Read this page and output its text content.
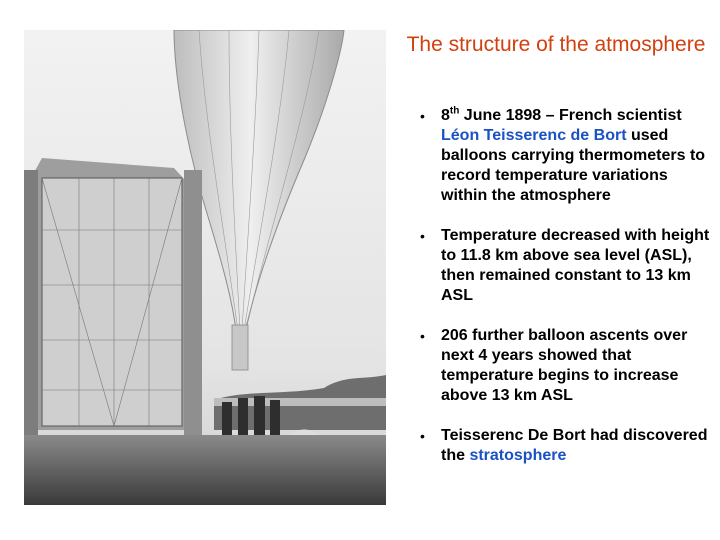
The structure of the atmosphere
• 8th June 1898 – French scientist Léon Teisserenc de Bort used balloons carrying thermometers to record temperature variations within the atmosphere
• Temperature decreased with height to 11.8 km above sea level (ASL), then remained constant to 13 km ASL
• 206 further balloon ascents over next 4 years showed that temperature begins to increase above 13 km ASL
• Teisserenc De Bort had discovered the stratosphere
